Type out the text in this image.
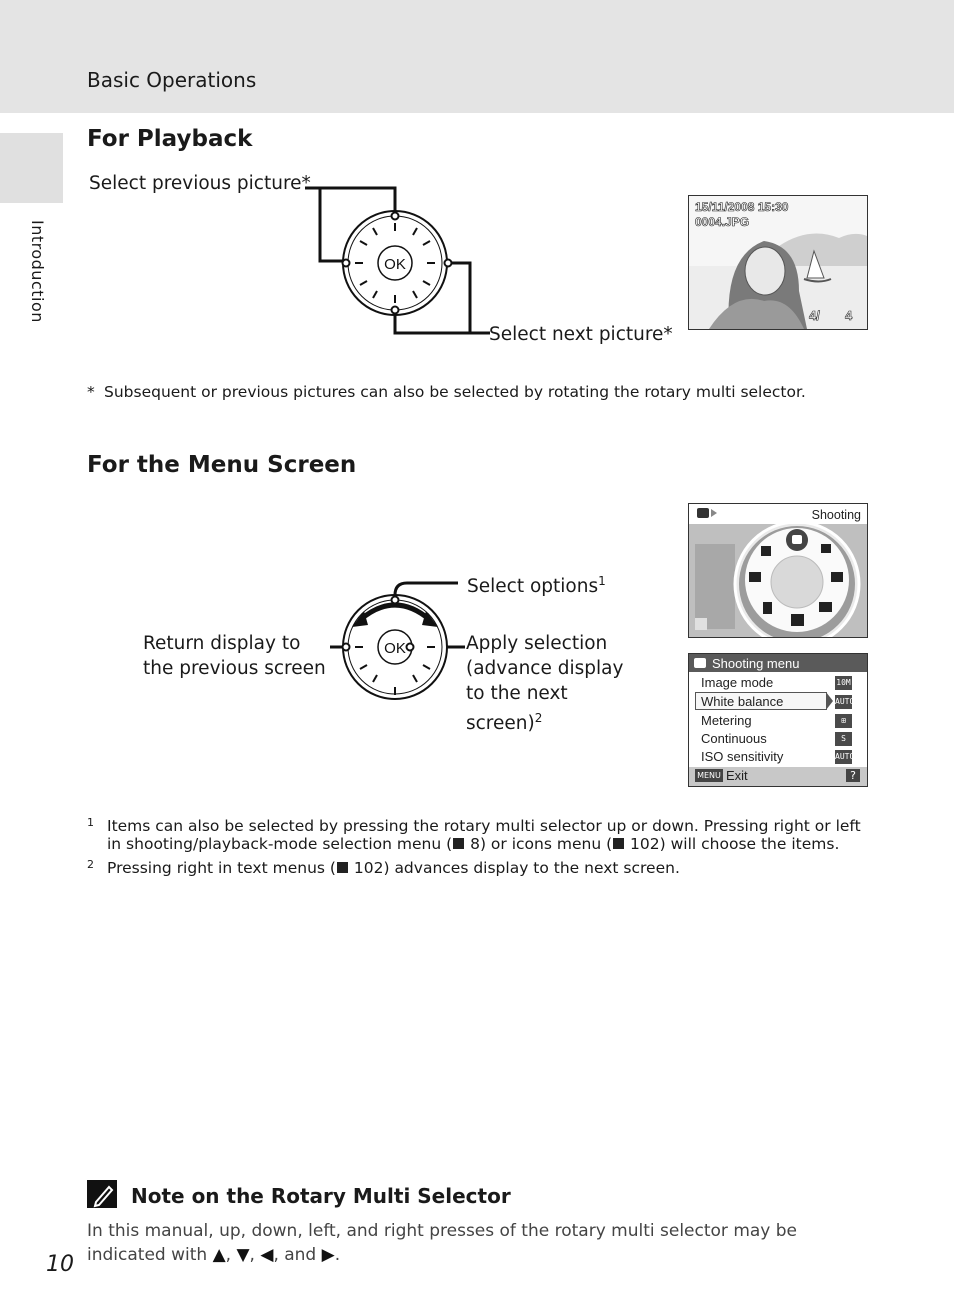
Basic Operations
Introduction
For Playback
Select previous picture*
Select next picture*
OK
15/11/2008 15:30
0004.JPG
4/ 4
* Subsequent or previous pictures can also be selected by rotating the rotary multi selector.
For the Menu Screen
Select options$^1$
Return display to the previous screen
Apply selection (advance display to the next screen)$^2$
OK
Shooting
Shooting menu
Image mode	10M
White balance	AUTO
Metering	⊞
Continuous	S
ISO sensitivity	AUTO
MENU Exit	?
1 Items can also be selected by pressing the rotary multi selector up or down. Pressing right or left in shooting/playback-mode selection menu ( 8) or icons menu ( 102) will choose the items.
2 Pressing right in text menus ( 102) advances display to the next screen.
Note on the Rotary Multi Selector
In this manual, up, down, left, and right presses of the rotary multi selector may be indicated with ▲, ▼, ◀, and ▶.
10
